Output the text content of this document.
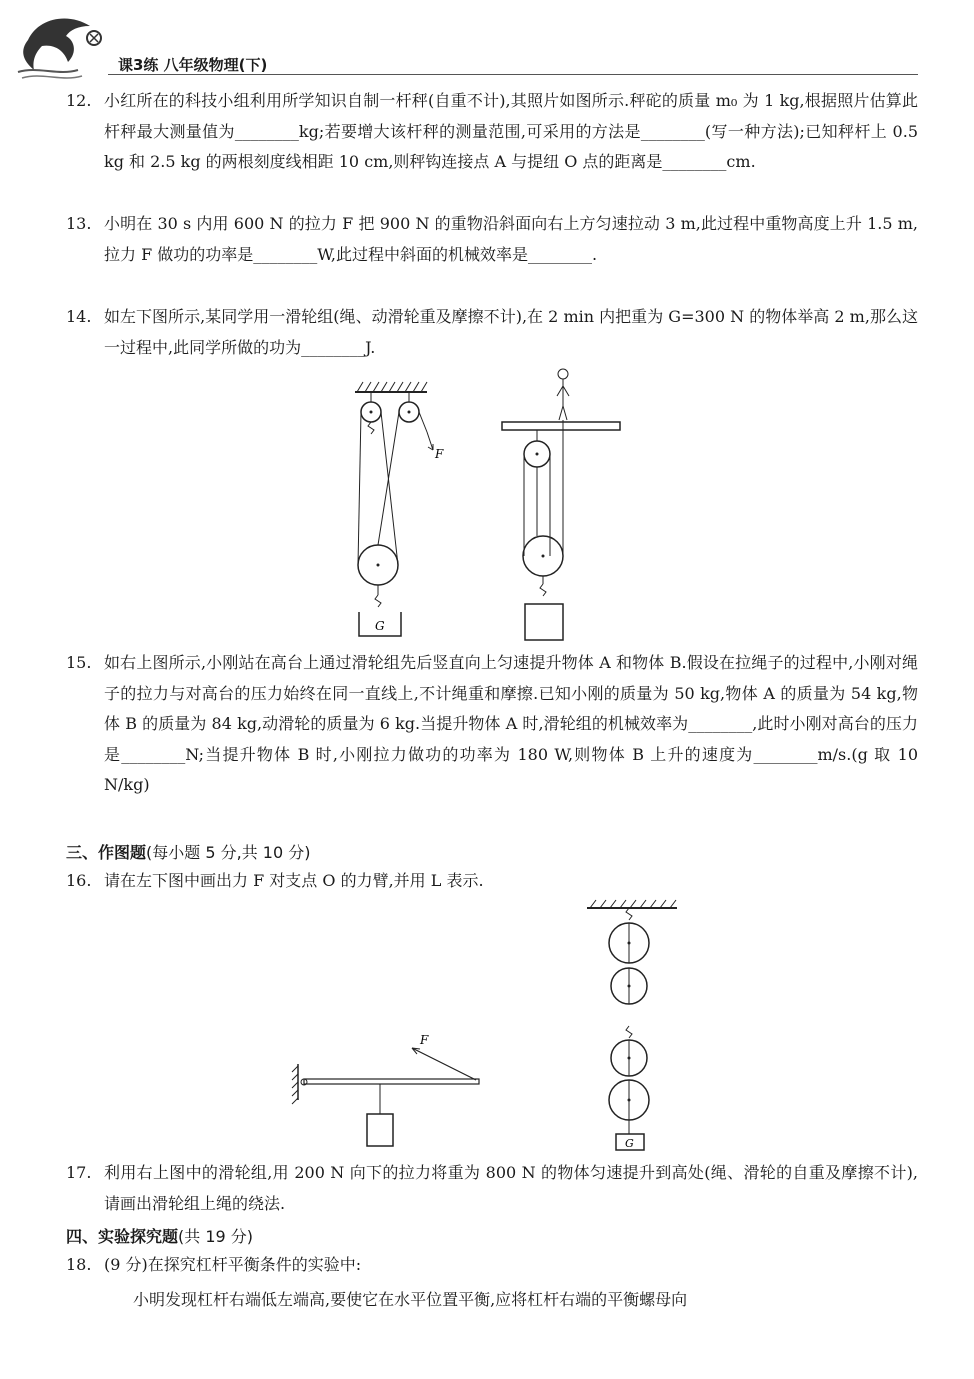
课3练 八年级物理(下)
12. 小红所在的科技小组利用所学知识自制一杆秤(自重不计),其照片如图所示.秤砣的质量 m₀ 为 1 kg,根据照片估算此杆秤最大测量值为________kg;若要增大该杆秤的测量范围,可采用的方法是________(写一种方法);已知秤杆上 0.5 kg 和 2.5 kg 的两根刻度线相距 10 cm,则秤钩连接点 A 与提纽 O 点的距离是________cm.
13. 小明在 30 s 内用 600 N 的拉力 F 把 900 N 的重物沿斜面向右上方匀速拉动 3 m,此过程中重物高度上升 1.5 m,拉力 F 做功的功率是________W,此过程中斜面的机械效率是________.
14. 如左下图所示,某同学用一滑轮组(绳、动滑轮重及摩擦不计),在 2 min 内把重为 G=300 N 的物体举高 2 m,那么这一过程中,此同学所做的功为________J.
F
G
15. 如右上图所示,小刚站在高台上通过滑轮组先后竖直向上匀速提升物体 A 和物体 B.假设在拉绳子的过程中,小刚对绳子的拉力与对高台的压力始终在同一直线上,不计绳重和摩擦.已知小刚的质量为 50 kg,物体 A 的质量为 54 kg,物体 B 的质量为 84 kg,动滑轮的质量为 6 kg.当提升物体 A 时,滑轮组的机械效率为________,此时小刚对高台的压力是________N;当提升物体 B 时,小刚拉力做功的功率为 180 W,则物体 B 上升的速度为________m/s.(g 取 10 N/kg)
三、作图题(每小题 5 分,共 10 分)
16. 请在左下图中画出力 F 对支点 O 的力臂,并用 L 表示.
F
G
17. 利用右上图中的滑轮组,用 200 N 向下的拉力将重为 800 N 的物体匀速提升到高处(绳、滑轮的自重及摩擦不计),请画出滑轮组上绳的绕法.
四、实验探究题(共 19 分)
18. (9 分)在探究杠杆平衡条件的实验中:
小明发现杠杆右端低左端高,要使它在水平位置平衡,应将杠杆右端的平衡螺母向
